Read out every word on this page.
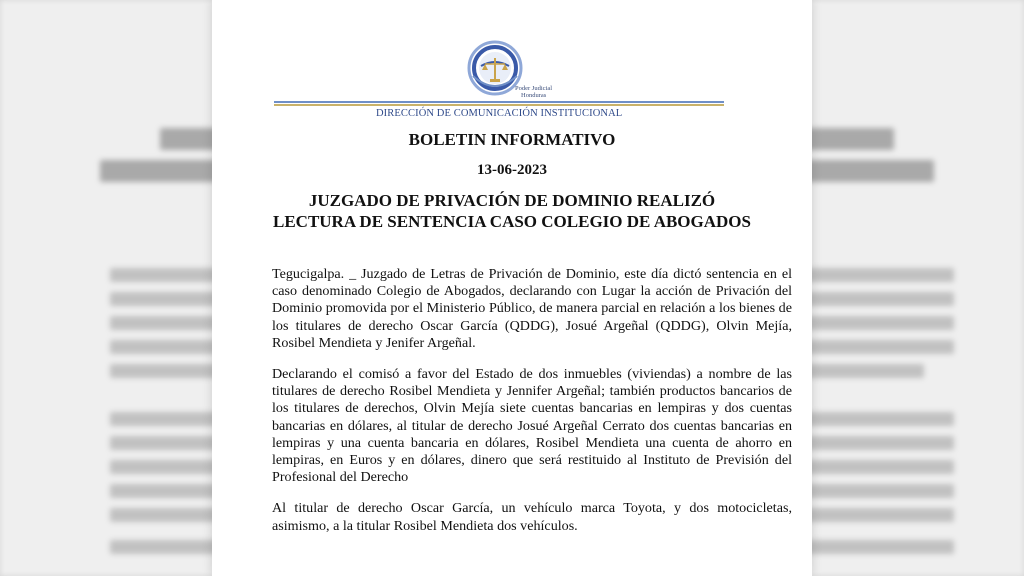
Poder Judicial
Honduras
DIRECCIÓN DE COMUNICACIÓN INSTITUCIONAL
BOLETIN INFORMATIVO
13-06-2023
JUZGADO DE PRIVACIÓN DE DOMINIO REALIZÓ
LECTURA DE SENTENCIA CASO COLEGIO DE ABOGADOS

Tegucigalpa. _ Juzgado de Letras de Privación de Dominio, este día dictó sentencia en el caso denominado Colegio de Abogados, declarando con Lugar la acción de Privación del Dominio promovida por el Ministerio Público, de manera parcial en relación a los bienes de los titulares de derecho Oscar García (QDDG), Josué Argeñal (QDDG), Olvin Mejía, Rosibel Mendieta y Jenifer Argeñal.

Declarando el comisó a favor del Estado de dos inmuebles (viviendas) a nombre de las titulares de derecho Rosibel Mendieta y Jennifer Argeñal; también productos bancarios de los titulares de derechos, Olvin Mejía siete cuentas bancarias en lempiras y dos cuentas bancarias en dólares, al titular de derecho Josué Argeñal Cerrato dos cuentas bancarias en lempiras y una cuenta bancaria en dólares, Rosibel Mendieta una cuenta de ahorro en lempiras, en Euros y en dólares, dinero que será restituido al Instituto de Previsión del Profesional del Derecho

Al titular de derecho Oscar García, un vehículo marca Toyota, y dos motocicletas, asimismo, a la titular Rosibel Mendieta dos vehículos.
